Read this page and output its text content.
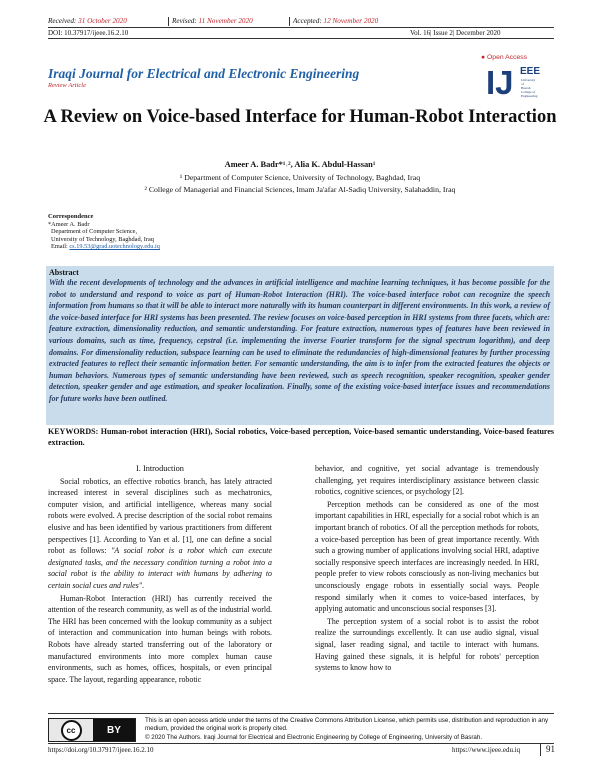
Received: 31 October 2020	Revised: 11 November 2020	Accepted: 12 November 2020
DOI: 10.37917/ijeee.16.2.10	Vol. 16| Issue 2| December 2020
Iraqi Journal for Electrical and Electronic Engineering
Review Article
● Open Access
IJ EEE
University
of
Basrah
College of
Engineering
A Review on Voice-based Interface for Human-Robot Interaction
Ameer A. Badr*¹˒², Alia K. Abdul-Hassan¹
¹ Department of Computer Science, University of Technology, Baghdad, Iraq
² College of Managerial and Financial Sciences, Imam Ja'afar Al-Sadiq University, Salahaddin, Iraq
Correspondence
*Ameer A. Badr
Department of Computer Science,
University of Technology, Baghdad, Iraq
Email: cs.19.53@grad.uotechnology.edu.iq
Abstract
With the recent developments of technology and the advances in artificial intelligence and machine learning techniques, it has become possible for the robot to understand and respond to voice as part of Human-Robot Interaction (HRI). The voice-based interface robot can recognize the speech information from humans so that it will be able to interact more naturally with its human counterpart in different environments. In this work, a review of the voice-based interface for HRI systems has been presented. The review focuses on voice-based perception in HRI systems from three facets, which are: feature extraction, dimensionality reduction, and semantic understanding. For feature extraction, numerous types of features have been reviewed in various domains, such as time, frequency, cepstral (i.e. implementing the inverse Fourier transform for the signal spectrum logarithm), and deep domains. For dimensionality reduction, subspace learning can be used to eliminate the redundancies of high-dimensional features by further processing extracted features to reflect their semantic information better. For semantic understanding, the aim is to infer from the extracted features the objects or human behaviors. Numerous types of semantic understanding have been reviewed, such as speech recognition, speaker recognition, speaker gender detection, speaker gender and age estimation, and speaker localization. Finally, some of the existing voice-based interface issues and recommendations for future works have been outlined.
KEYWORDS: Human-robot interaction (HRI), Social robotics, Voice-based perception, Voice-based semantic understanding, Voice-based features extraction.

I. Introduction

Social robotics, an effective robotics branch, has lately attracted increased interest in several disciplines such as mechatronics, computer vision, and artificial intelligence, whereas many social robots were evolved. A precise description of the social robot remains elusive and has been identified by various practitioners from different perspectives [1]. According to Yan et al. [1], one can define a social robot as follows: "A social robot is a robot which can execute designated tasks, and the necessary condition turning a robot into a social robot is the ability to interact with humans by adhering to certain social cues and rules".

Human-Robot Interaction (HRI) has currently received the attention of the research community, as well as of the industrial world. The HRI has been concerned with the lookup community as a subject of interaction and communication into human beings with robots. Robots have already started transferring out of the laboratory or manufactured environments into more complex human cause environments, such as homes, offices, hospitals, or even principal space. The layout, regarding appearance, robotic

behavior, and cognitive, yet social advantage is tremendously challenging, yet requires interdisciplinary assistance between classic robotics, cognitive sciences, or psychology [2].

Perception methods can be considered as one of the most important capabilities in HRI, especially for a social robot which is an important branch of robotics. Of all the perception methods for robots, a voice-based perception has been of great importance recently. With such a growing number of applications involving social HRI, adaptive socially responsive speech interfaces are increasingly needed. In HRI, people prefer to view robots consciously as non-living mechanics but unconsciously engage robots in essentially social ways. People respond similarly when it comes to voice-based interfaces, by applying automatic and unconscious social responses [3].

The perception system of a social robot is to assist the robot realize the surroundings excellently. It can use audio signal, visual signal, laser reading signal, and tactile to interact with humans. Having gained these signals, it is helpful for robots' perception systems to know how to

cc	BY
This is an open access article under the terms of the Creative Commons Attribution License, which permits use, distribution and reproduction in any medium, provided the original work is properly cited.
© 2020 The Authors. Iraqi Journal for Electrical and Electronic Engineering by College of Engineering, University of Basrah.
https://doi.org/10.37917/ijeee.16.2.10	https://www.ijeee.edu.iq	91
